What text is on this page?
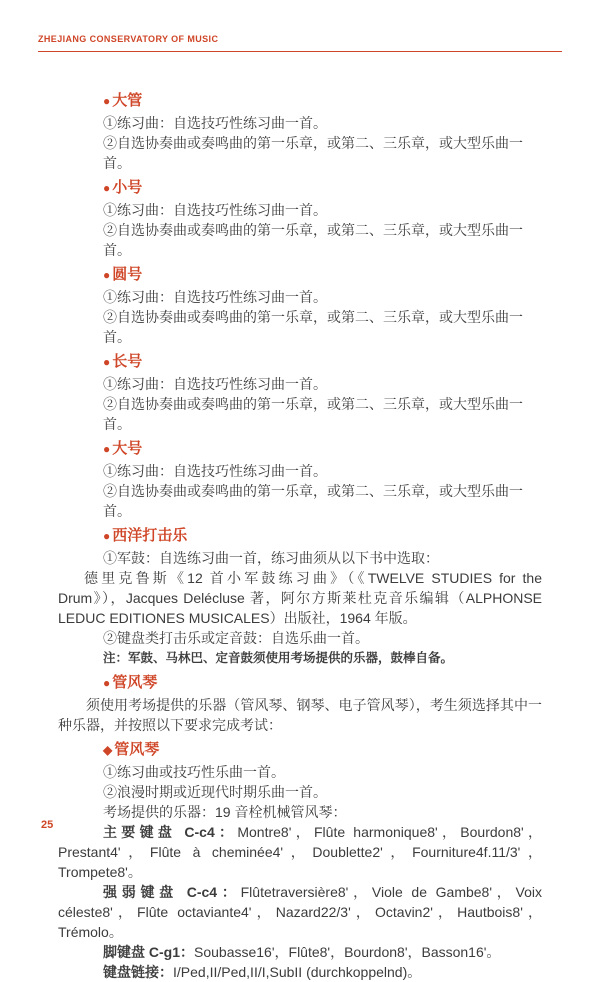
ZHEJIANG CONSERVATORY OF MUSIC
● 大管
①练习曲：自选技巧性练习曲一首。
②自选协奏曲或奏鸣曲的第一乐章，或第二、三乐章，或大型乐曲一首。
● 小号
①练习曲：自选技巧性练习曲一首。
②自选协奏曲或奏鸣曲的第一乐章，或第二、三乐章，或大型乐曲一首。
● 圆号
①练习曲：自选技巧性练习曲一首。
②自选协奏曲或奏鸣曲的第一乐章，或第二、三乐章，或大型乐曲一首。
● 长号
①练习曲：自选技巧性练习曲一首。
②自选协奏曲或奏鸣曲的第一乐章，或第二、三乐章，或大型乐曲一首。
● 大号
①练习曲：自选技巧性练习曲一首。
②自选协奏曲或奏鸣曲的第一乐章，或第二、三乐章，或大型乐曲一首。
● 西洋打击乐
①军鼓：自选练习曲一首，练习曲须从以下书中选取：
德里克鲁斯《12 首小军鼓练习曲》（《TWELVE STUDIES for the Drum》），Jacques Delécluse 著，阿尔方斯莱杜克音乐编辑（ALPHONSE LEDUC EDITIONES MUSICALES）出版社，1964 年版。
②键盘类打击乐或定音鼓：自选乐曲一首。
注：军鼓、马林巴、定音鼓须使用考场提供的乐器，鼓棒自备。
● 管风琴
须使用考场提供的乐器（管风琴、钢琴、电子管风琴），考生须选择其中一种乐器，并按照以下要求完成考试：
◆ 管风琴
①练习曲或技巧性乐曲一首。
②浪漫时期或近现代时期乐曲一首。
考场提供的乐器：19 音栓机械管风琴：
主要键盘 C-c4：Montre8'，Flûte harmonique8'，Bourdon8'，Prestant4'，Flûte à cheminée4'，Doublette2'，Fourniture4f.11/3'，Trompete8'。
强弱键盘 C-c4：Flûtetraversière8'，Viole de Gambe8'，Voix céleste8'，Flûte octaviante4'，Nazard22/3'，Octavin2'，Hautbois8'，Trémolo。
脚键盘 C-g1：Soubasse16'，Flûte8'，Bourdon8'，Basson16'。
键盘链接：I/Ped,II/Ped,II/I,SubII (durchkoppelnd)。
25
